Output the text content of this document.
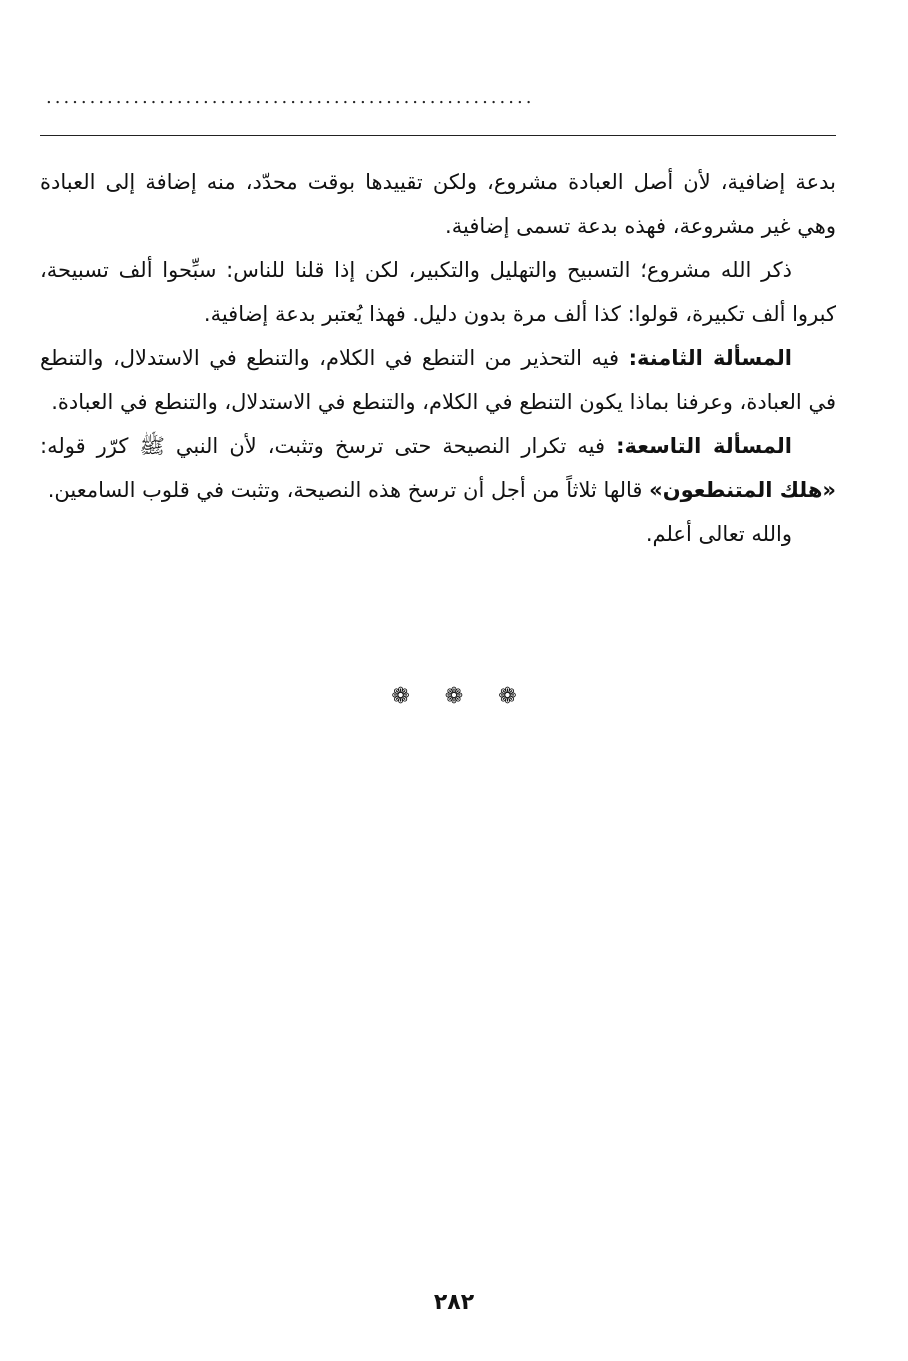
........................................................

بدعة إضافية، لأن أصل العبادة مشروع، ولكن تقييدها بوقت محدّد، منه إضافة إلى العبادة وهي غير مشروعة، فهذه بدعة تسمى إضافية.

ذكر الله مشروع؛ التسبيح والتهليل والتكبير، لكن إذا قلنا للناس: سبِّحوا ألف تسبيحة، كبروا ألف تكبيرة، قولوا: كذا ألف مرة بدون دليل. فهذا يُعتبر بدعة إضافية.

المسألة الثامنة: فيه التحذير من التنطع في الكلام، والتنطع في الاستدلال، والتنطع في العبادة، وعرفنا بماذا يكون التنطع في الكلام، والتنطع في الاستدلال، والتنطع في العبادة.

المسألة التاسعة: فيه تكرار النصيحة حتى ترسخ وتثبت، لأن النبي ﷺ كرّر قوله: «هلك المتنطعون» قالها ثلاثاً من أجل أن ترسخ هذه النصيحة، وتثبت في قلوب السامعين.

والله تعالى أعلم.

❁ ❁ ❁
٢٨٢
